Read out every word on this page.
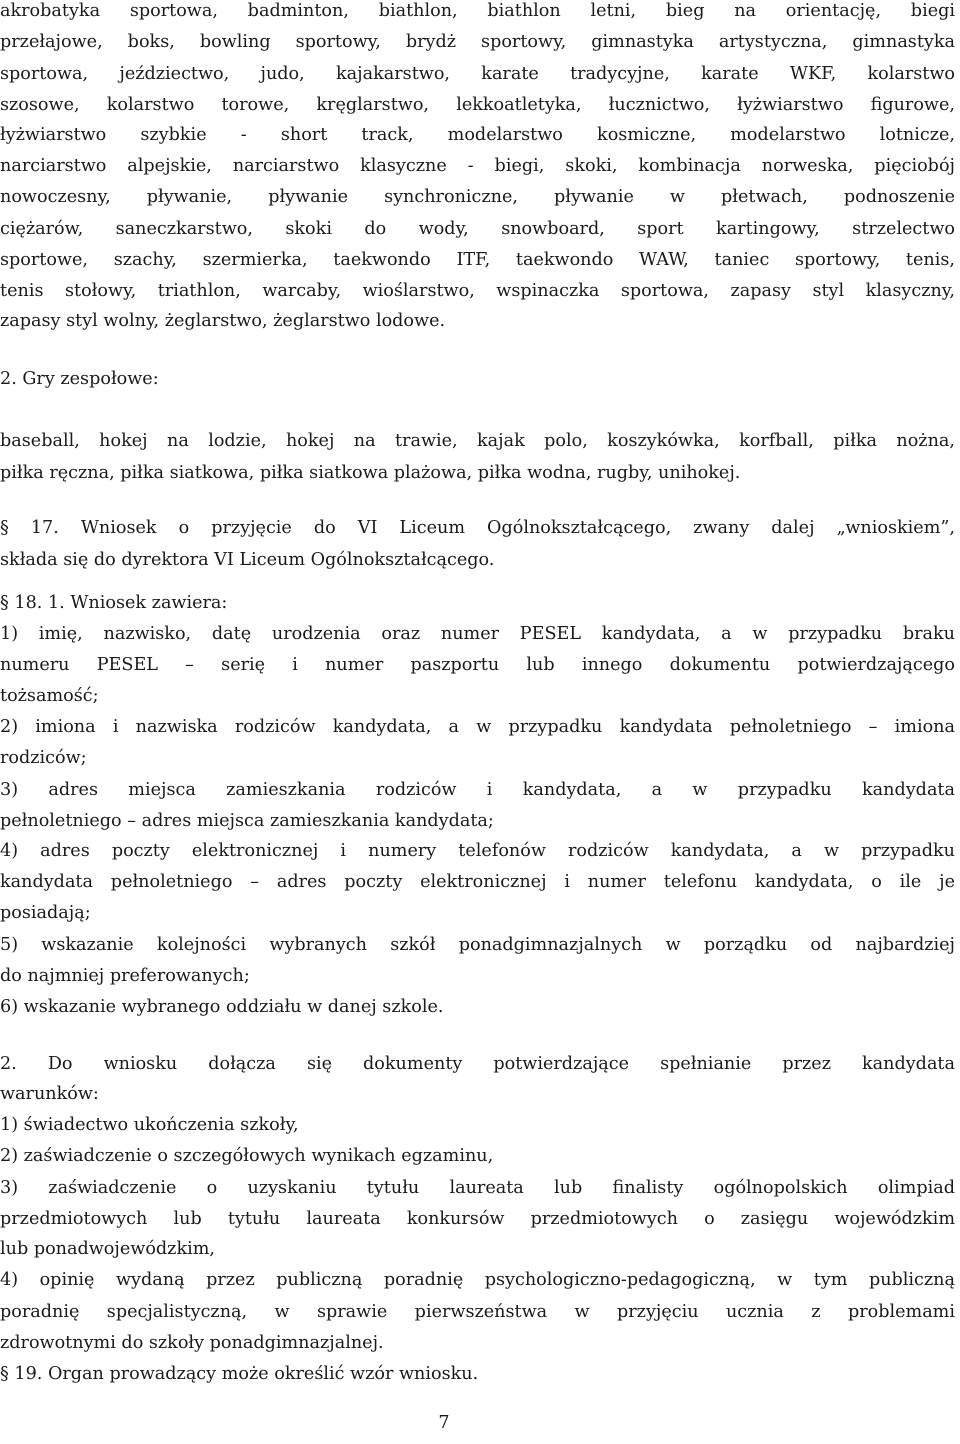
akrobatyka sportowa, badminton, biathlon, biathlon letni, bieg na orientację, biegi
przełajowe, boks, bowling sportowy, brydż sportowy, gimnastyka artystyczna, gimnastyka
sportowa, jeździectwo, judo, kajakarstwo, karate tradycyjne, karate WKF, kolarstwo
szosowe, kolarstwo torowe, kręglarstwo, lekkoatletyka, łucznictwo, łyżwiarstwo figurowe,
łyżwiarstwo szybkie - short track, modelarstwo kosmiczne, modelarstwo lotnicze,
narciarstwo alpejskie, narciarstwo klasyczne - biegi, skoki, kombinacja norweska, pięciobój
nowoczesny, pływanie, pływanie synchroniczne, pływanie w płetwach, podnoszenie
ciężarów, saneczkarstwo, skoki do wody, snowboard, sport kartingowy, strzelectwo
sportowe, szachy, szermierka, taekwondo ITF, taekwondo WAW, taniec sportowy, tenis,
tenis stołowy, triathlon, warcaby, wioślarstwo, wspinaczka sportowa, zapasy styl klasyczny,
zapasy styl wolny, żeglarstwo, żeglarstwo lodowe.
2. Gry zespołowe:
baseball, hokej na lodzie, hokej na trawie, kajak polo, koszykówka, korfball, piłka nożna,
piłka ręczna, piłka siatkowa, piłka siatkowa plażowa, piłka wodna, rugby, unihokej.
§ 17. Wniosek o przyjęcie do VI Liceum Ogólnokształcącego, zwany dalej „wnioskiem”,
składa się do dyrektora VI Liceum Ogólnokształcącego.
§ 18. 1. Wniosek zawiera:
1) imię, nazwisko, datę urodzenia oraz numer PESEL kandydata, a w przypadku braku
numeru PESEL – serię i numer paszportu lub innego dokumentu potwierdzającego
tożsamość;
2) imiona i nazwiska rodziców kandydata, a w przypadku kandydata pełnoletniego – imiona
rodziców;
3) adres miejsca zamieszkania rodziców i kandydata, a w przypadku kandydata
pełnoletniego – adres miejsca zamieszkania kandydata;
4) adres poczty elektronicznej i numery telefonów rodziców kandydata, a w przypadku
kandydata pełnoletniego – adres poczty elektronicznej i numer telefonu kandydata, o ile je
posiadają;
5) wskazanie kolejności wybranych szkół ponadgimnazjalnych w porządku od najbardziej
do najmniej preferowanych;
6) wskazanie wybranego oddziału w danej szkole.
2. Do wniosku dołącza się dokumenty potwierdzające spełnianie przez kandydata
warunków:
1) świadectwo ukończenia szkoły,
2) zaświadczenie o szczegółowych wynikach egzaminu,
3) zaświadczenie o uzyskaniu tytułu laureata lub finalisty ogólnopolskich olimpiad
przedmiotowych lub tytułu laureata konkursów przedmiotowych o zasięgu wojewódzkim
lub ponadwojewódzkim,
4) opinię wydaną przez publiczną poradnię psychologiczno-pedagogiczną, w tym publiczną
poradnię specjalistyczną, w sprawie pierwszeństwa w przyjęciu ucznia z problemami
zdrowotnymi do szkoły ponadgimnazjalnej.
§ 19. Organ prowadzący może określić wzór wniosku.
7
